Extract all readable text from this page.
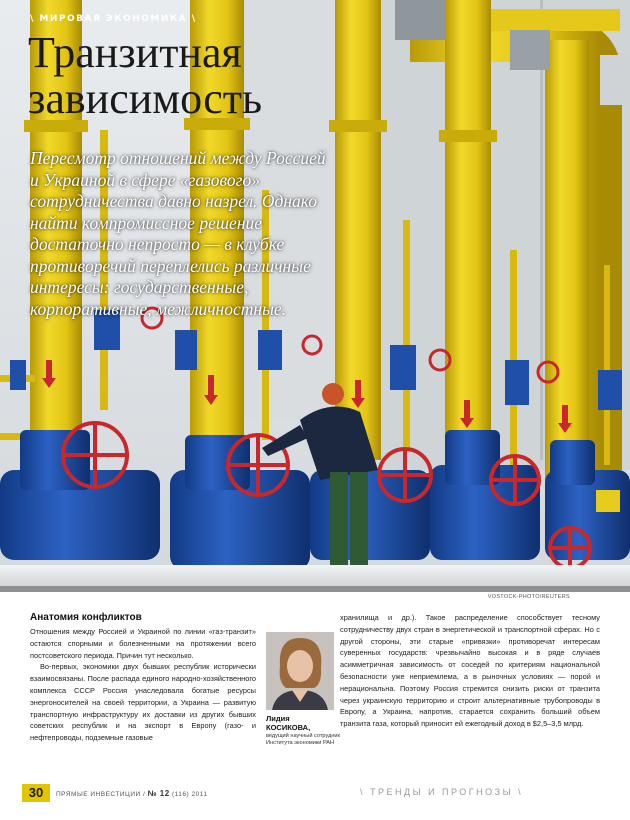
\ МИРОВАЯ ЭКОНОМИКА \
Транзитная
зависимость

Пересмотр отношений между Россией и Украиной в сфере «газового» сотрудничества давно назрел. Однако найти компромиссное решение достаточно непросто — в клубке противоречий переплелись различные интересы: государственные, корпоративные, межличностные.

VOSTOCK-PHOTO/REUTERS
Анатомия конфликтов

Отношения между Россией и Украиной по линии «газ-транзит» остаются спорными и болезненными на протяжении всего постсоветского периода. Причин тут несколько.

Во-первых, экономики двух бывших республик исторически взаимосвязаны. После распада единого народно-хозяйственного комплекса СССР Россия унаследовала богатые ресурсы энергоносителей на своей территории, а Украина — развитую транспортную инфраструктуру их доставки из других бывших советских республик и на экспорт в Европу (газо- и нефтепроводы, подземные газовые

Лидия
КОСИКОВА,
ведущий научный сотрудник Института экономики РАН

хранилища и др.). Такое распределение способствует тесному сотрудничеству двух стран в энергетической и транспортной сферах. Но с другой стороны, эти старые «привязки» противоречат интересам суверенных государств: чрезвычайно высокая и в ряде случаев асимметричная зависимость от соседей по критериям национальной безопасности уже неприемлема, а в рыночных условиях — порой и нерациональна. Поэтому Россия стремится снизить риски от транзита через украинскую территорию и строит альтернативные трубопроводы в Европу, а Украина, напротив, старается сохранить больший объем транзита газа, который приносит ей ежегодный доход в $2,5–3,5 млрд.

30	ПРЯМЫЕ ИНВЕСТИЦИИ / № 12 (116) 2011	\ ТРЕНДЫ И ПРОГНОЗЫ \
